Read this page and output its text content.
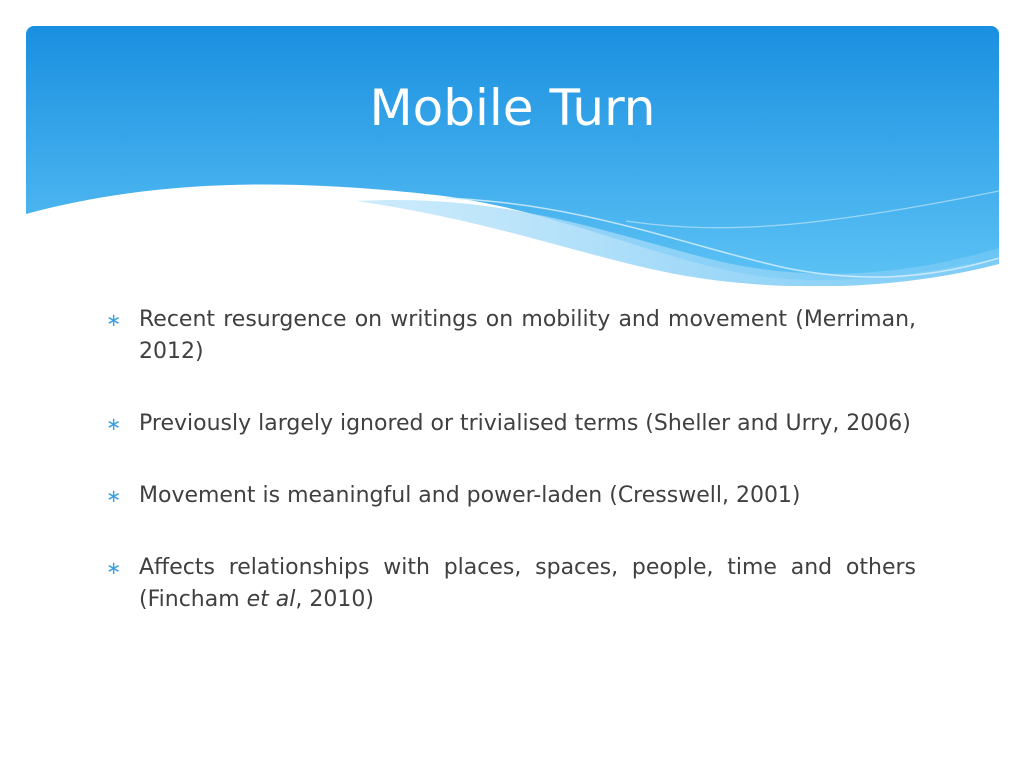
Mobile Turn
∗ Recent resurgence on writings on mobility and movement (Merriman, 2012)
∗ Previously largely ignored or trivialised terms (Sheller and Urry, 2006)
∗ Movement is meaningful and power-laden (Cresswell, 2001)
∗ Affects relationships with places, spaces, people, time and others (Fincham et al, 2010)
